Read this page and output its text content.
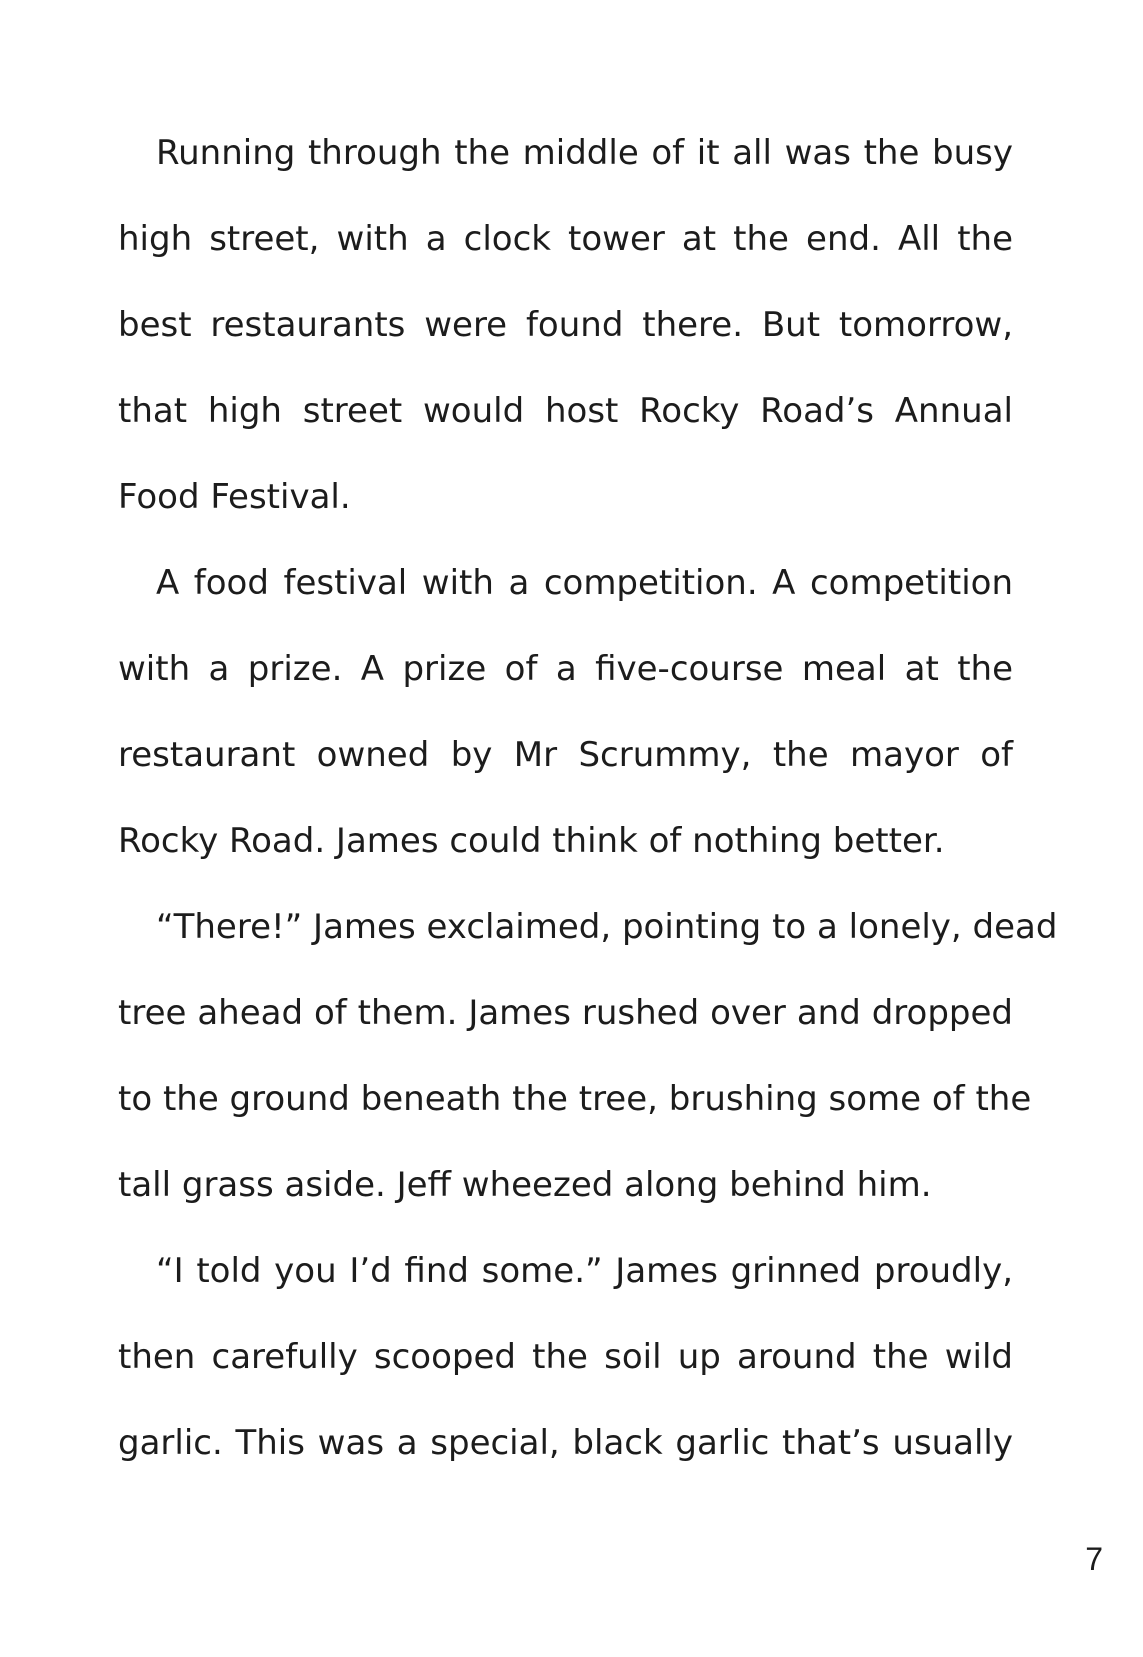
Running through the middle of it all was the busy
high street, with a clock tower at the end. All the
best restaurants were found there. But tomorrow,
that high street would host Rocky Road’s Annual
Food Festival.
A food festival with a competition. A competition
with a prize. A prize of a five-course meal at the
restaurant owned by Mr Scrummy, the mayor of
Rocky Road. James could think of nothing better.
“There!” James exclaimed, pointing to a lonely, dead
tree ahead of them. James rushed over and dropped
to the ground beneath the tree, brushing some of the
tall grass aside. Jeff wheezed along behind him.
“I told you I’d find some.” James grinned proudly,
then carefully scooped the soil up around the wild
garlic. This was a special, black garlic that’s usually
7
